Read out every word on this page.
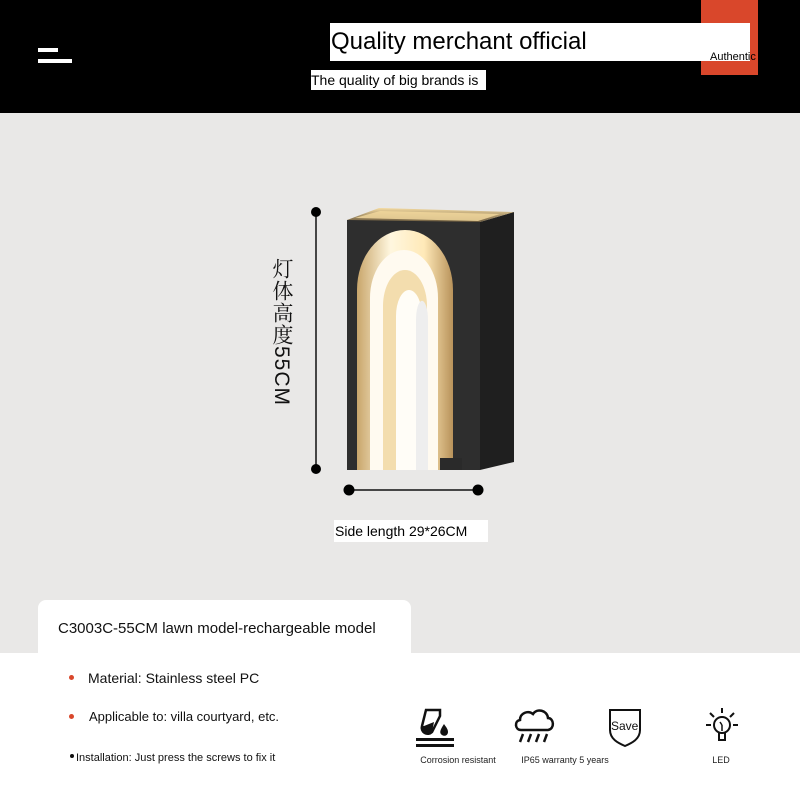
Quality merchant official
Authentic
The quality of big brands is
灯体高度55CM
Side length 29*26CM
C3003C-55CM lawn model-rechargeable model
Material: Stainless steel PC
Applicable to: villa courtyard, etc.
Installation: Just press the screws to fix it
Save
Corrosion resistant	IP65 warranty 5 years	LED
